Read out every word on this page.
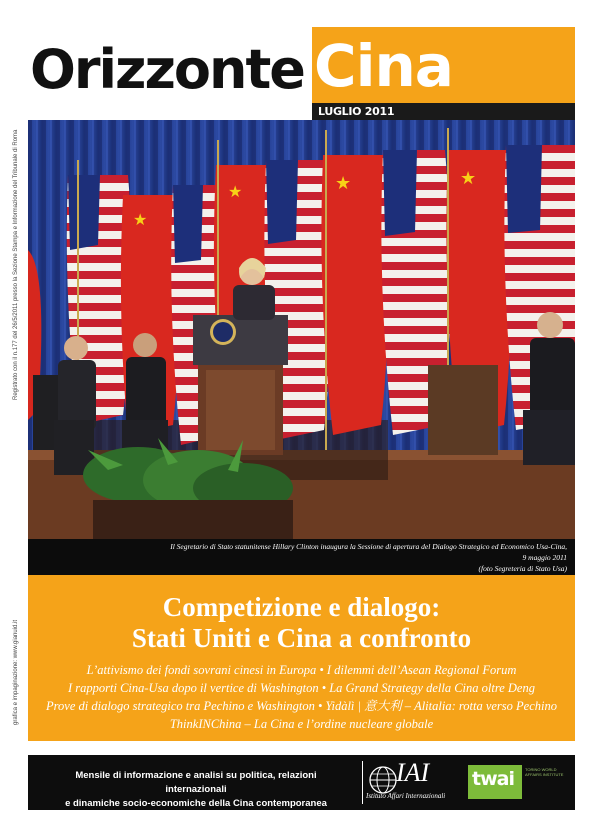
Orizzonte Cina
LUGLIO 2011
Registrato con il n.177 del 26/5/2011 presso la Sezione Stampa e Informazione del Tribunale di Roma
grafica e impaginazione: www.gianuid.it
★
★	★	★
Il Segretario di Stato statunitense Hillary Clinton inaugura la Sessione di apertura del Dialogo Strategico ed Economico Usa-Cina,
9 maggio 2011
(foto Segreteria di Stato Usa)
Competizione e dialogo:
Stati Uniti e Cina a confronto
L’attivismo dei fondi sovrani cinesi in Europa • I dilemmi dell’Asean Regional Forum
I rapporti Cina-Usa dopo il vertice di Washington • La Grand Strategy della Cina oltre Deng
Prove di dialogo strategico tra Pechino e Washington • Yidàlì | 意大利 – Alitalia: rotta verso Pechino
ThinkINChina – La Cina e l’ordine nucleare globale
Mensile di informazione e analisi su politica, relazioni internazionali
e dinamiche socio-economiche della Cina contemporanea
IAI
Istituto Affari Internazionali
twai	TORINO WORLD AFFAIRS INSTITUTE
